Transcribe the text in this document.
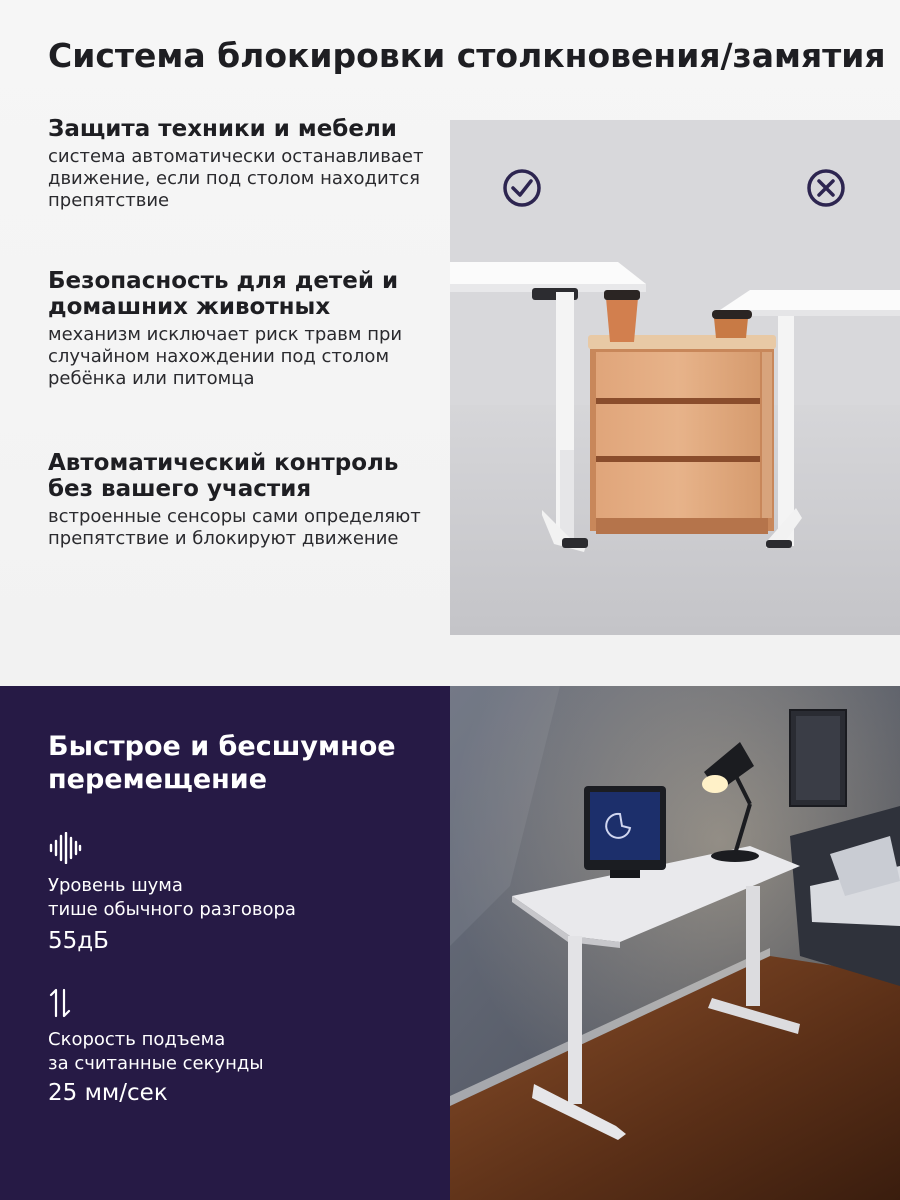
Система блокировки столкновения/замятия
Защита техники и мебели

система автоматически останавливает движение, если под столом находится препятствие

Безопасность для детей и домашних животных

механизм исключает риск травм при случайном нахождении под столом ребёнка или питомца

Автоматический контроль без вашего участия

встроенные сенсоры сами определяют препятствие и блокируют движение

Быстрое и бесшумное
перемещение
Уровень шума
тише обычного разговора
55дБ
Скорость подъема
за считанные секунды
25 мм/сек
